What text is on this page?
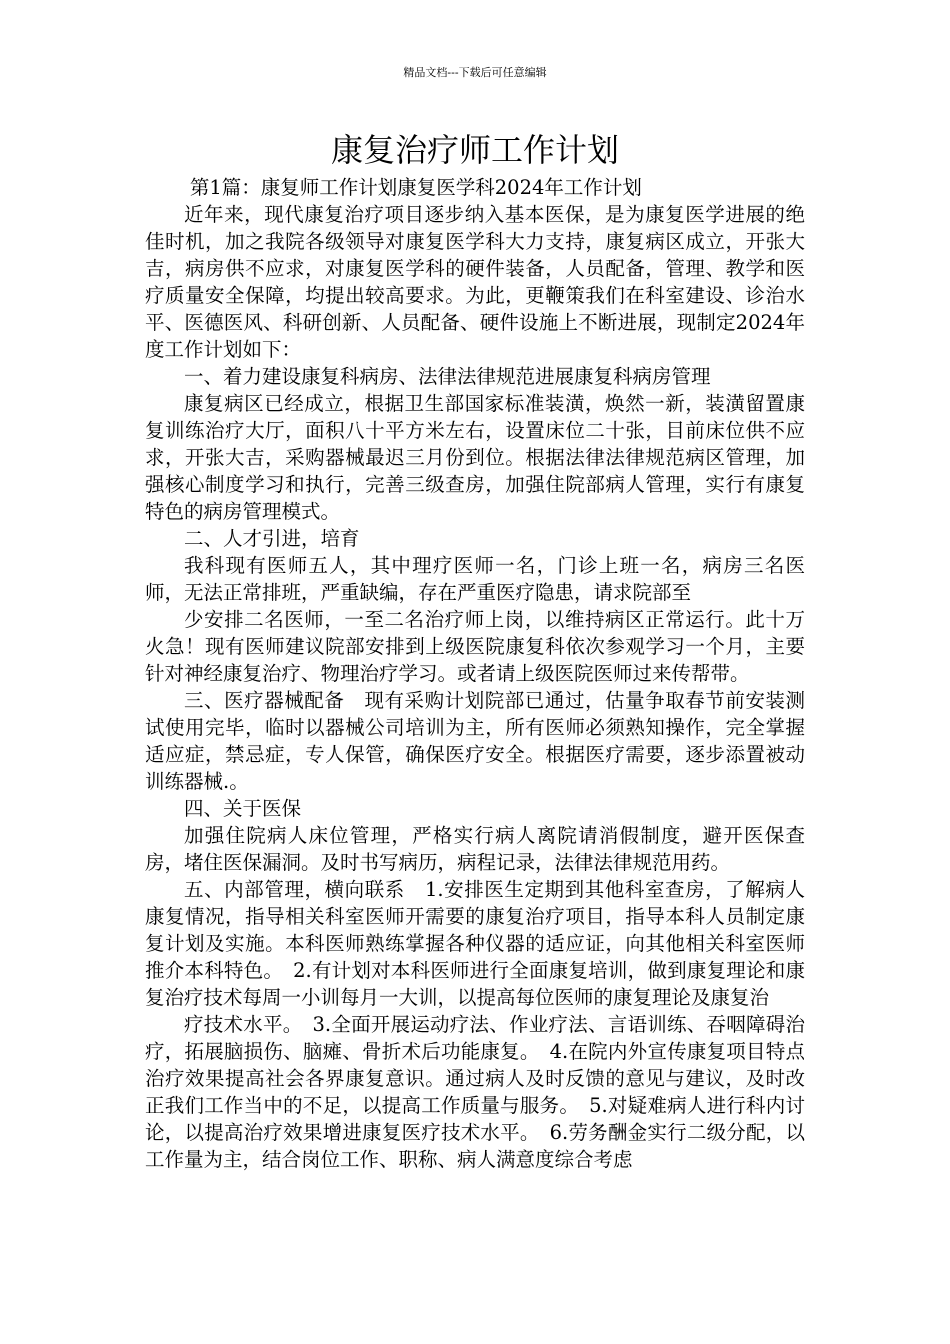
精品文档---下载后可任意编辑
康复治疗师工作计划

第1篇：康复师工作计划康复医学科2024年工作计划

近年来，现代康复治疗项目逐步纳入基本医保，是为康复医学进展的绝佳时机，加之我院各级领导对康复医学科大力支持，康复病区成立，开张大吉，病房供不应求，对康复医学科的硬件装备，人员配备，管理、教学和医疗质量安全保障，均提出较高要求。为此，更鞭策我们在科室建设、诊治水平、医德医风、科研创新、人员配备、硬件设施上不断进展，现制定2024年度工作计划如下：

一、着力建设康复科病房、法律法律规范进展康复科病房管理

康复病区已经成立，根据卫生部国家标准装潢，焕然一新，装潢留置康复训练治疗大厅，面积八十平方米左右，设置床位二十张，目前床位供不应求，开张大吉，采购器械最迟三月份到位。根据法律法律规范病区管理，加强核心制度学习和执行，完善三级查房，加强住院部病人管理，实行有康复特色的病房管理模式。

二、人才引进，培育

我科现有医师五人，其中理疗医师一名，门诊上班一名，病房三名医师，无法正常排班，严重缺编，存在严重医疗隐患，请求院部至

少安排二名医师，一至二名治疗师上岗，以维持病区正常运行。此十万火急！现有医师建议院部安排到上级医院康复科依次参观学习一个月，主要针对神经康复治疗、物理治疗学习。或者请上级医院医师过来传帮带。

三、医疗器械配备　现有采购计划院部已通过，估量争取春节前安装测试使用完毕，临时以器械公司培训为主，所有医师必须熟知操作，完全掌握适应症，禁忌症，专人保管，确保医疗安全。根据医疗需要，逐步添置被动训练器械.。

四、关于医保

加强住院病人床位管理，严格实行病人离院请消假制度，避开医保查房，堵住医保漏洞。及时书写病历，病程记录，法律法律规范用药。

五、内部管理，横向联系　1.安排医生定期到其他科室查房，了解病人康复情况，指导相关科室医师开需要的康复治疗项目，指导本科人员制定康复计划及实施。本科医师熟练掌握各种仪器的适应证，向其他相关科室医师推介本科特色。　2.有计划对本科医师进行全面康复培训，做到康复理论和康复治疗技术每周一小训每月一大训，以提高每位医师的康复理论及康复治

疗技术水平。　3.全面开展运动疗法、作业疗法、言语训练、吞咽障碍治疗，拓展脑损伤、脑瘫、骨折术后功能康复。　4.在院内外宣传康复项目特点治疗效果提高社会各界康复意识。通过病人及时反馈的意见与建议，及时改正我们工作当中的不足，以提高工作质量与服务。　5.对疑难病人进行科内讨论，以提高治疗效果增进康复医疗技术水平。　6.劳务酬金实行二级分配，以工作量为主，结合岗位工作、职称、病人满意度综合考虑
